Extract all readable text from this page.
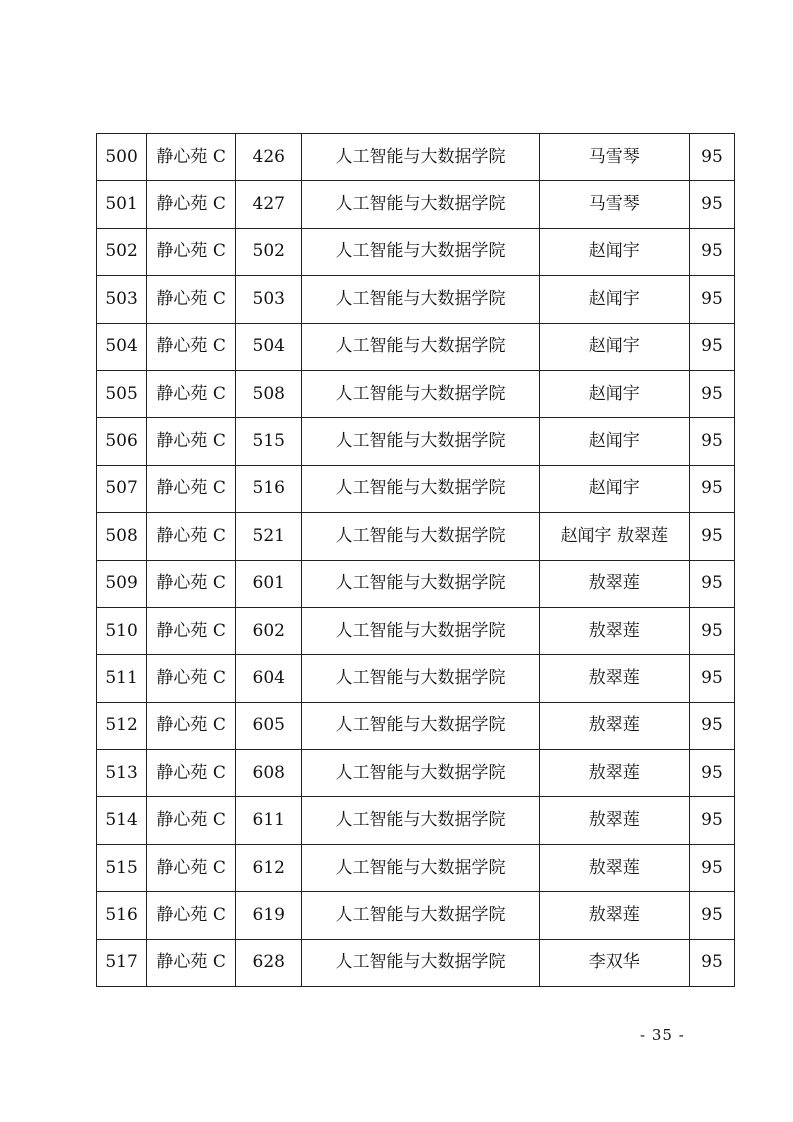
500	静心苑 C	426	人工智能与大数据学院	马雪琴	95
501	静心苑 C	427	人工智能与大数据学院	马雪琴	95
502	静心苑 C	502	人工智能与大数据学院	赵闻宇	95
503	静心苑 C	503	人工智能与大数据学院	赵闻宇	95
504	静心苑 C	504	人工智能与大数据学院	赵闻宇	95
505	静心苑 C	508	人工智能与大数据学院	赵闻宇	95
506	静心苑 C	515	人工智能与大数据学院	赵闻宇	95
507	静心苑 C	516	人工智能与大数据学院	赵闻宇	95
508	静心苑 C	521	人工智能与大数据学院	赵闻宇 敖翠莲	95
509	静心苑 C	601	人工智能与大数据学院	敖翠莲	95
510	静心苑 C	602	人工智能与大数据学院	敖翠莲	95
511	静心苑 C	604	人工智能与大数据学院	敖翠莲	95
512	静心苑 C	605	人工智能与大数据学院	敖翠莲	95
513	静心苑 C	608	人工智能与大数据学院	敖翠莲	95
514	静心苑 C	611	人工智能与大数据学院	敖翠莲	95
515	静心苑 C	612	人工智能与大数据学院	敖翠莲	95
516	静心苑 C	619	人工智能与大数据学院	敖翠莲	95
517	静心苑 C	628	人工智能与大数据学院	李双华	95
- 35 -
